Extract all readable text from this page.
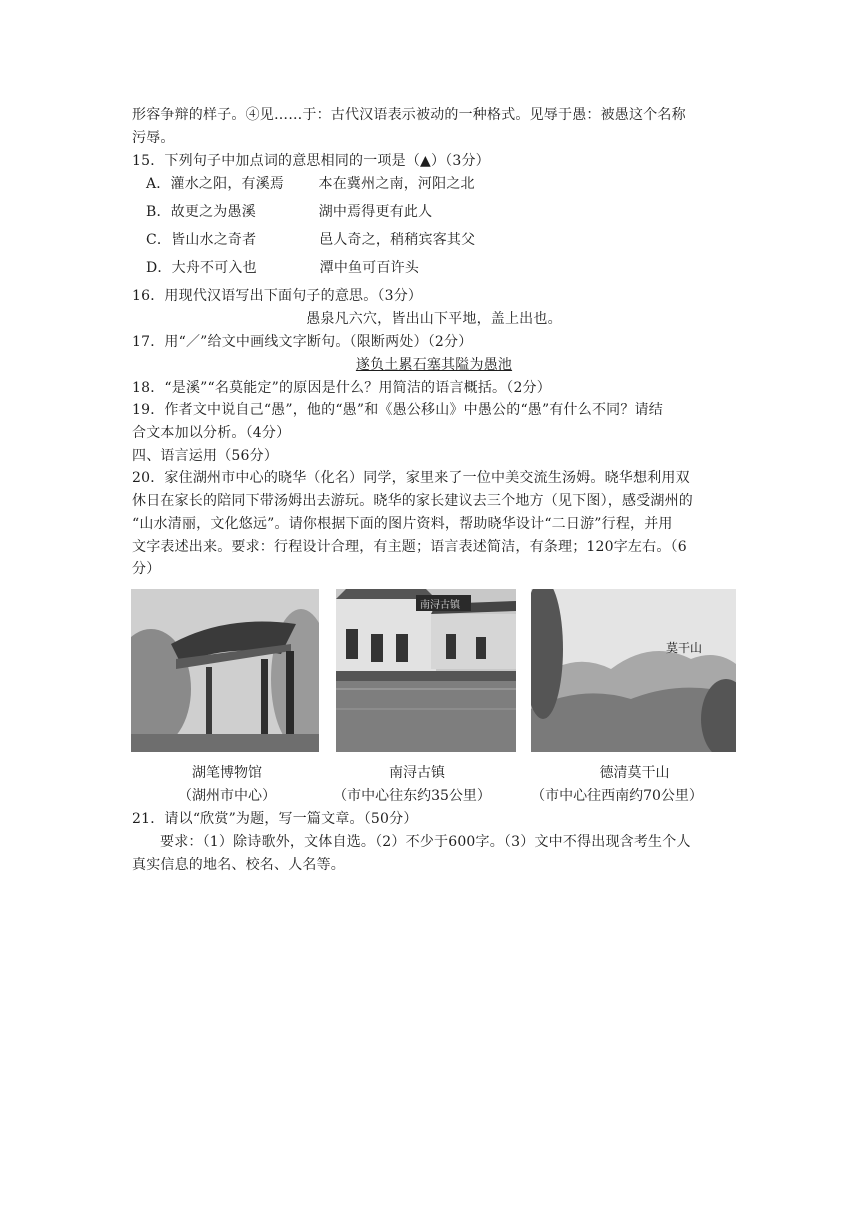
形容争辩的样子。④见……于：古代汉语表示被动的一种格式。见辱于愚：被愚这个名称
污辱。
15．下列句子中加点词的意思相同的一项是（▲）（3分）
A．灌水之阳，有溪焉 本在冀州之南，河阳之北
B．故更之为愚溪	湖中焉得更有此人
C．皆山水之奇者	邑人奇之，稍稍宾客其父
D．大舟不可入也	潭中鱼可百许头
16．用现代汉语写出下面句子的意思。（3分）
愚泉凡六穴，皆出山下平地，盖上出也。
17．用“／”给文中画线文字断句。（限断两处）（2分）
遂负土累石塞其隘为愚池
18．“是溪”“名莫能定”的原因是什么？用简洁的语言概括。（2分）
19．作者文中说自己“愚”，他的“愚”和《愚公移山》中愚公的“愚”有什么不同？请结
合文本加以分析。（4分）
四、语言运用（56分）
20．家住湖州市中心的晓华（化名）同学，家里来了一位中美交流生汤姆。晓华想利用双
休日在家长的陪同下带汤姆出去游玩。晓华的家长建议去三个地方（见下图），感受湖州的
“山水清丽，文化悠远”。请你根据下面的图片资料，帮助晓华设计“二日游”行程，并用
文字表述出来。要求：行程设计合理，有主题；语言表述简洁，有条理；120字左右。（6
分）
南浔古镇
莫干山
湖笔博物馆	南浔古镇	德清莫干山
（湖州市中心）	（市中心往东约35公里）	（市中心往西南约70公里）
21．请以“欣赏”为题，写一篇文章。（50分）
要求：（1）除诗歌外，文体自选。（2）不少于600字。（3）文中不得出现含考生个人
真实信息的地名、校名、人名等。
